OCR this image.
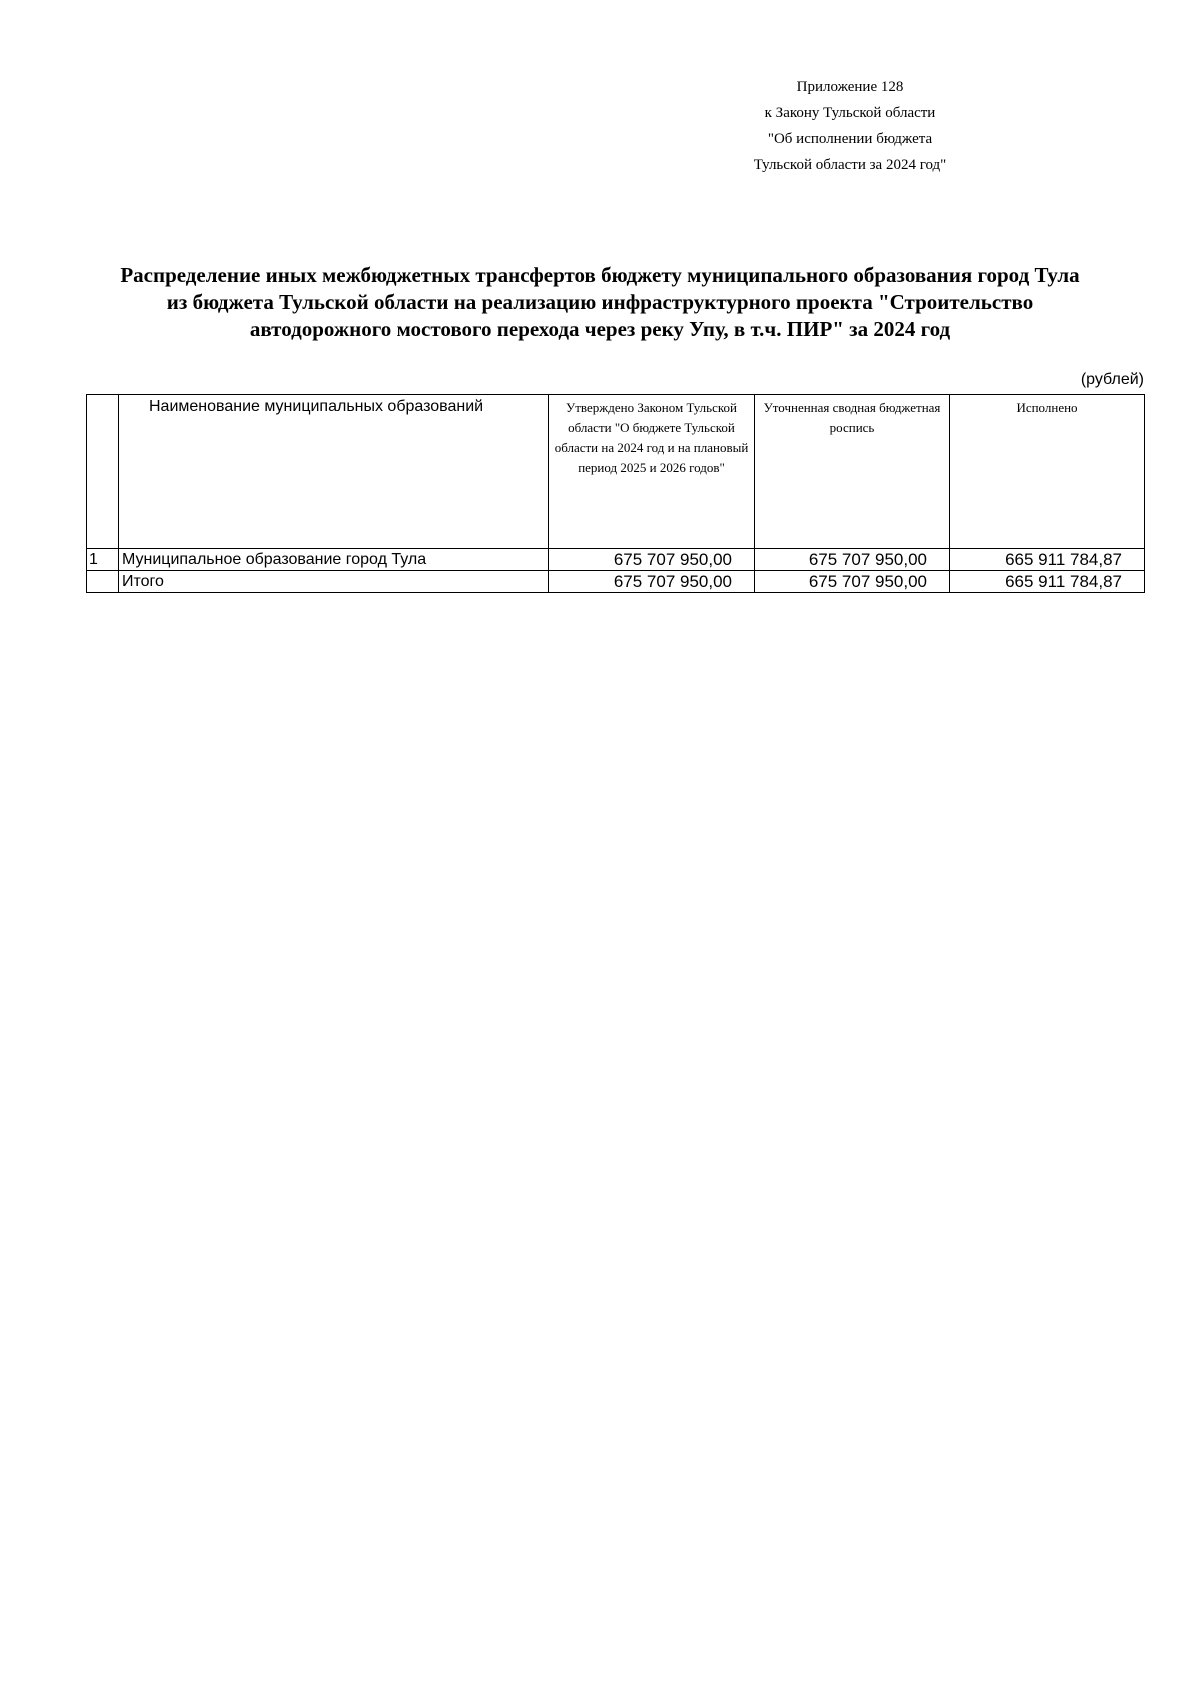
Приложение 128
к Закону Тульской области
"Об исполнении бюджета
Тульской области за 2024 год"
Распределение иных межбюджетных трансфертов бюджету муниципального образования город Тула
из бюджета Тульской области на реализацию инфраструктурного проекта "Строительство
автодорожного мостового перехода через реку Упу, в т.ч. ПИР" за 2024 год
(рублей)
	Наименование муниципальных образований	Утверждено Законом Тульской области "О бюджете Тульской области на 2024 год и на плановый период 2025 и 2026 годов"	Уточненная сводная бюджетная роспись	Исполнено
1	Муниципальное образование город Тула	675 707 950,00	675 707 950,00	665 911 784,87
	Итого	675 707 950,00	675 707 950,00	665 911 784,87
